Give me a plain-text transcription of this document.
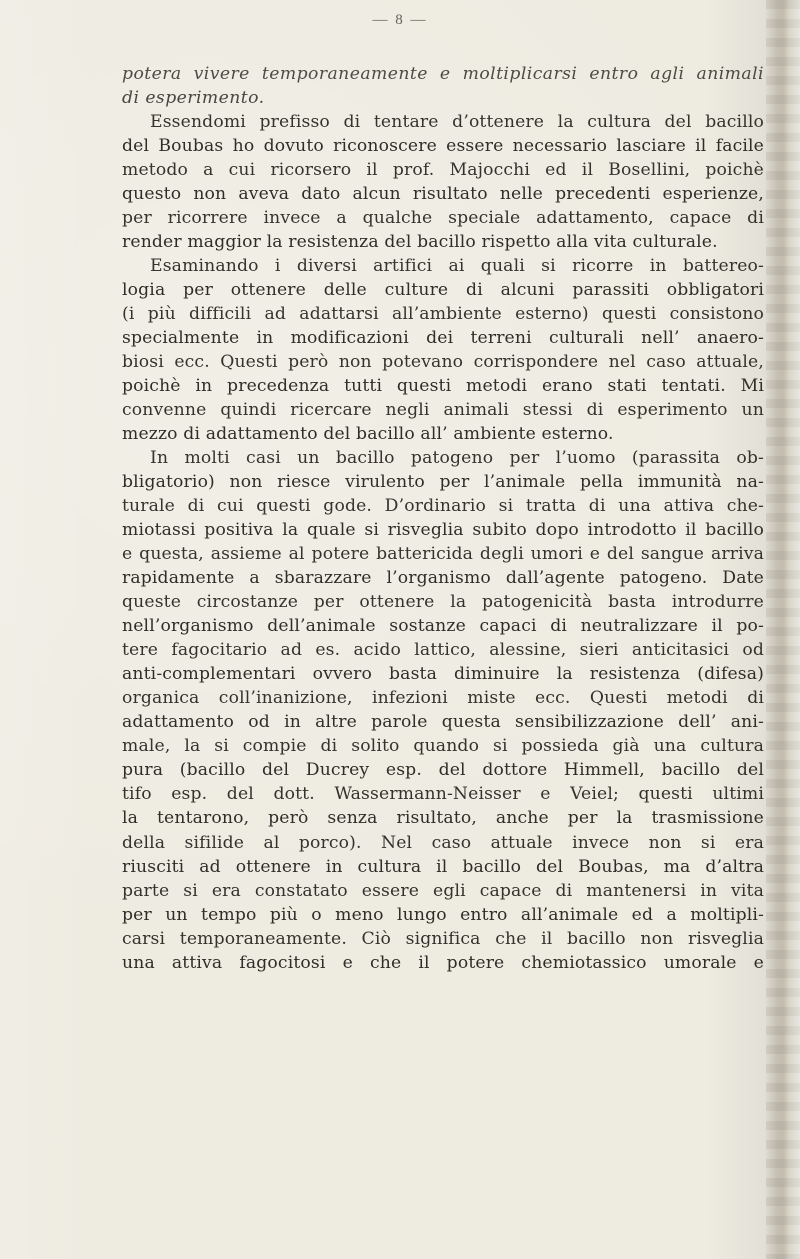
— 8 —
potera vivere temporaneamente e moltiplicarsi entro agli animali
di esperimento.
Essendomi prefisso di tentare d’ottenere la cultura del bacillo
del Boubas ho dovuto riconoscere essere necessario lasciare il facile
metodo a cui ricorsero il prof. Majocchi ed il Bosellini, poichè
questo non aveva dato alcun risultato nelle precedenti esperienze,
per ricorrere invece a qualche speciale adattamento, capace di
render maggior la resistenza del bacillo rispetto alla vita culturale.
Esaminando i diversi artifici ai quali si ricorre in battereo-
logia per ottenere delle culture di alcuni parassiti obbligatori
(i più difficili ad adattarsi all’ambiente esterno) questi consistono
specialmente in modificazioni dei terreni culturali nell’ anaero-
biosi ecc. Questi però non potevano corrispondere nel caso attuale,
poichè in precedenza tutti questi metodi erano stati tentati. Mi
convenne quindi ricercare negli animali stessi di esperimento un
mezzo di adattamento del bacillo all’ ambiente esterno.
In molti casi un bacillo patogeno per l’uomo (parassita ob-
bligatorio) non riesce virulento per l’animale pella immunità na-
turale di cui questi gode. D’ordinario si tratta di una attiva che-
miotassi positiva la quale si risveglia subito dopo introdotto il bacillo
e questa, assieme al potere battericida degli umori e del sangue arriva
rapidamente a sbarazzare l’organismo dall’agente patogeno. Date
queste circostanze per ottenere la patogenicità basta introdurre
nell’organismo dell’animale sostanze capaci di neutralizzare il po-
tere fagocitario ad es. acido lattico, alessine, sieri anticitasici od
anti-complementari ovvero basta diminuire la resistenza (difesa)
organica coll’inanizione, infezioni miste ecc. Questi metodi di
adattamento od in altre parole questa sensibilizzazione dell’ ani-
male, la si compie di solito quando si possieda già una cultura
pura (bacillo del Ducrey esp. del dottore Himmell, bacillo del
tifo esp. del dott. Wassermann-Neisser e Veiel; questi ultimi
la tentarono, però senza risultato, anche per la trasmissione
della sifilide al porco). Nel caso attuale invece non si era
riusciti ad ottenere in cultura il bacillo del Boubas, ma d’altra
parte si era constatato essere egli capace di mantenersi in vita
per un tempo più o meno lungo entro all’animale ed a moltipli-
carsi temporaneamente. Ciò significa che il bacillo non risveglia
una attiva fagocitosi e che il potere chemiotassico umorale e
